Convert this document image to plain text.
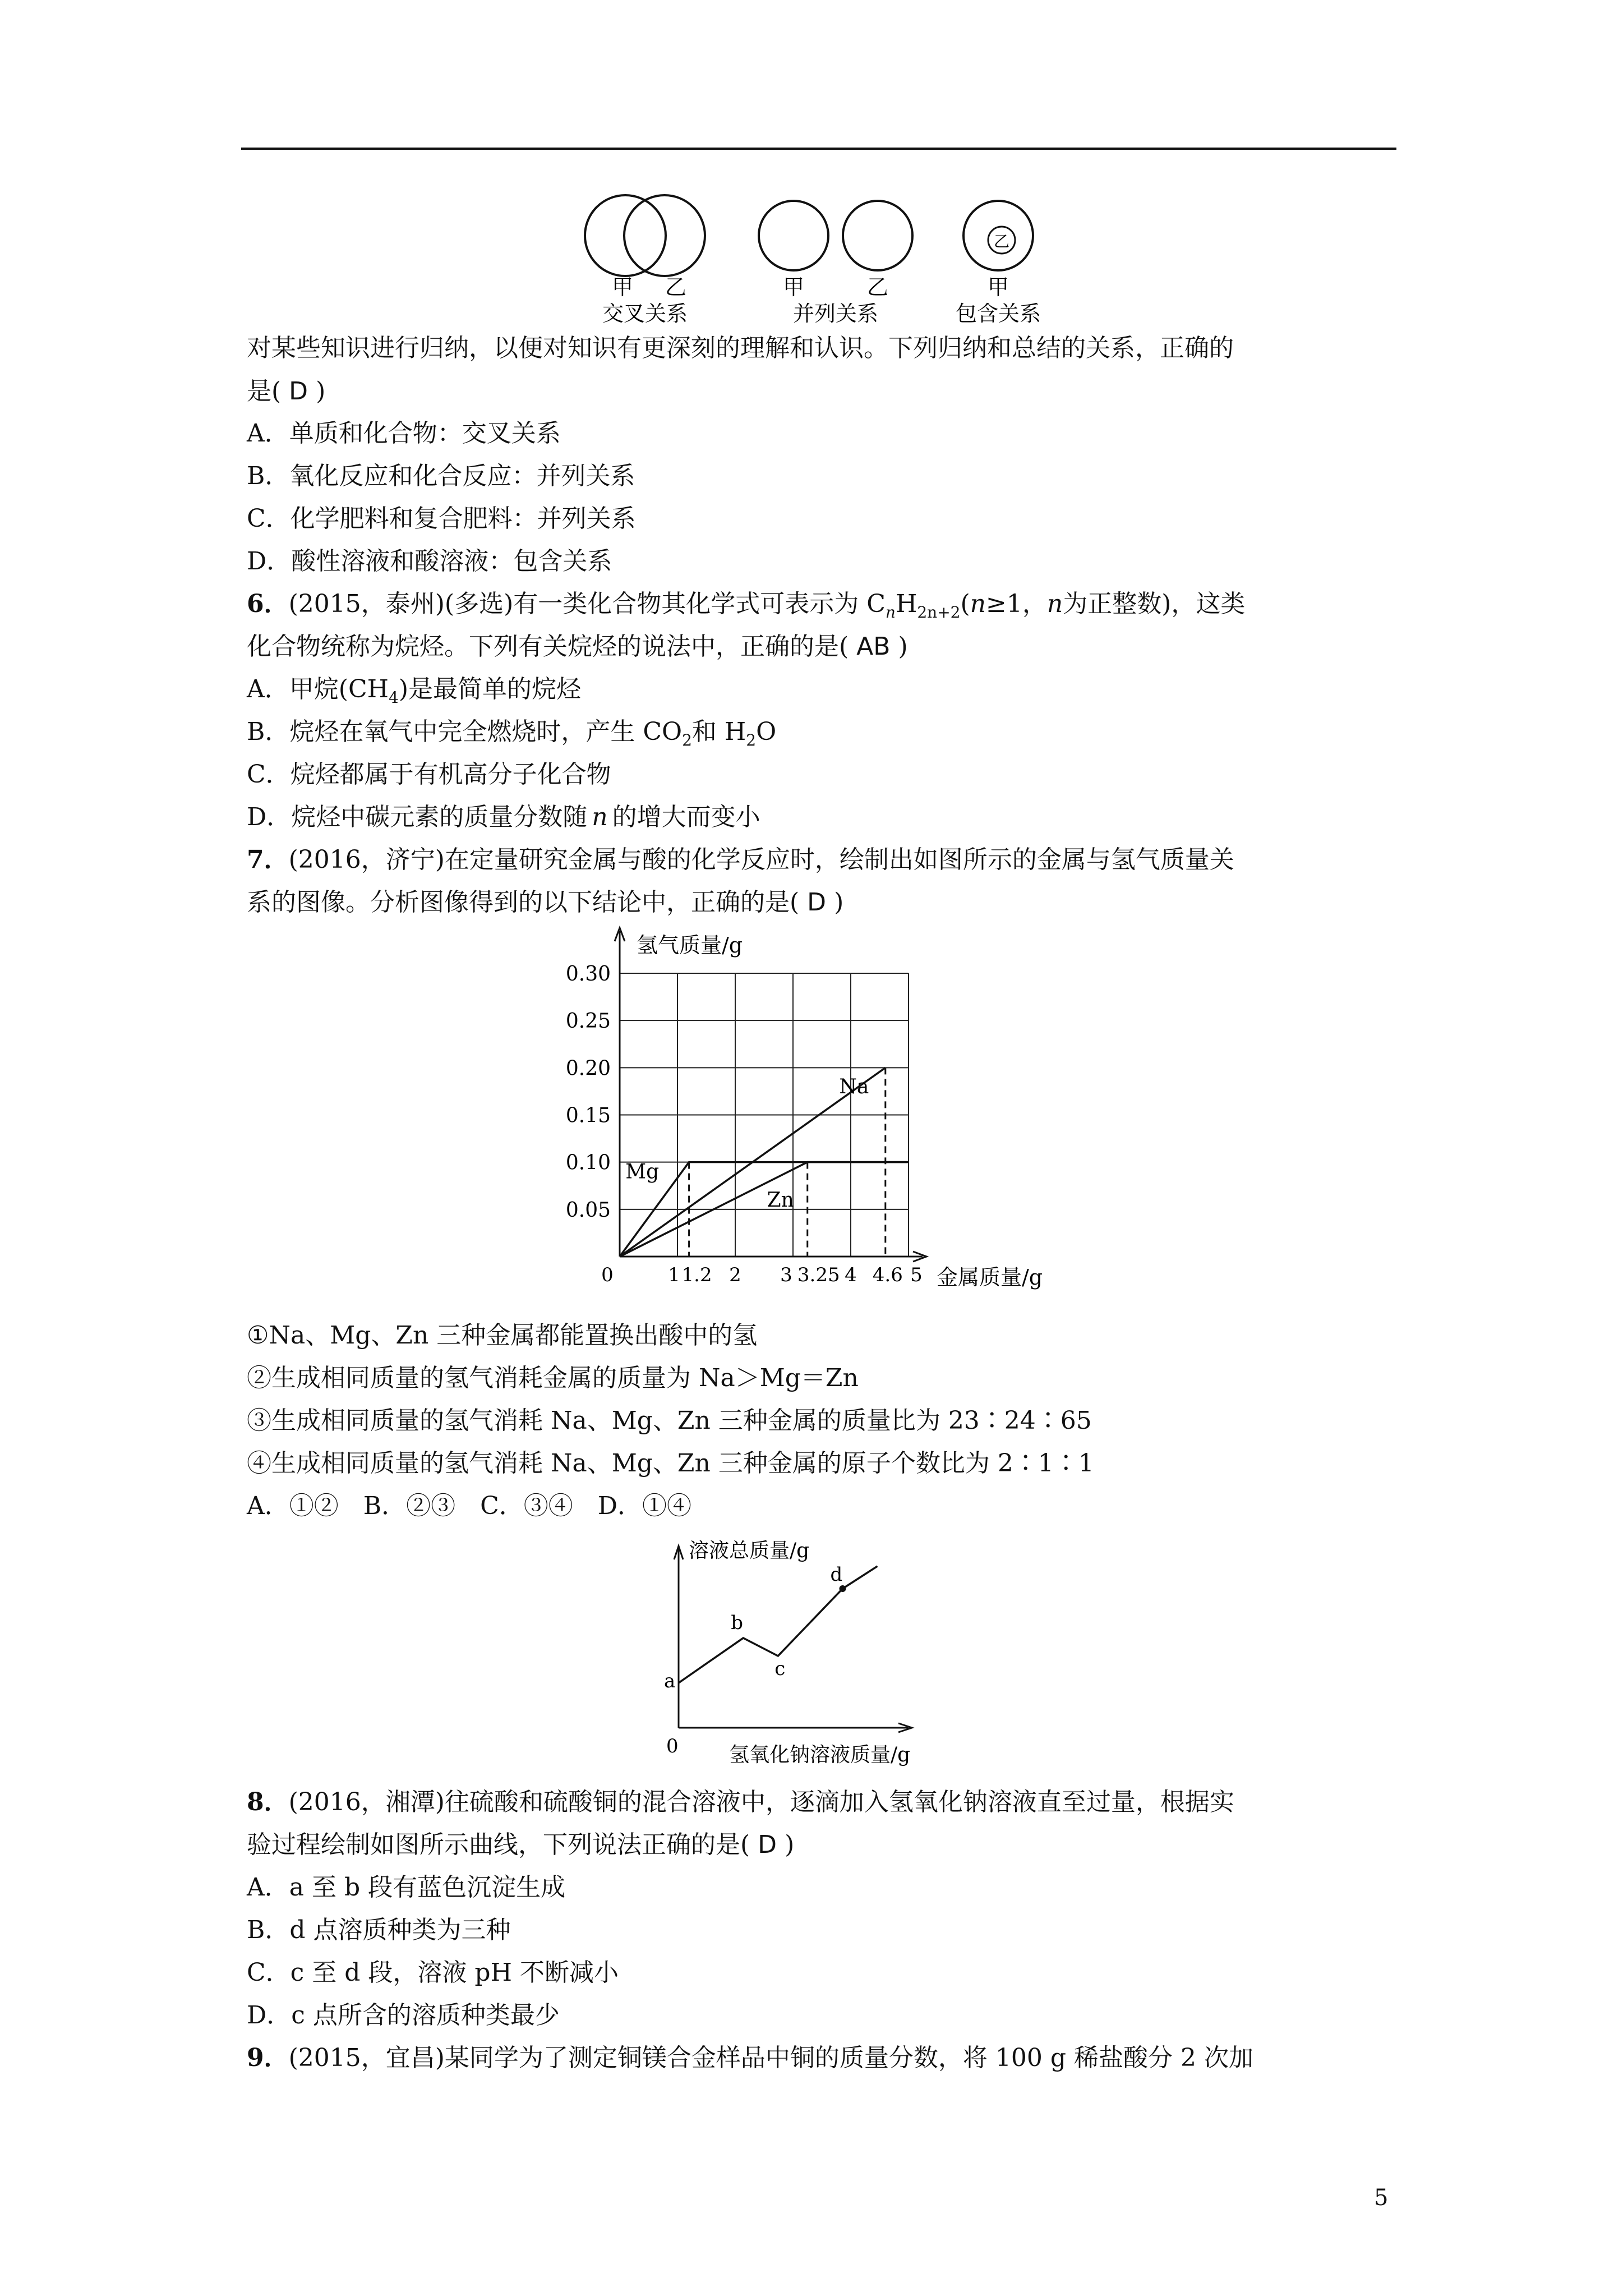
甲 乙
交叉关系
甲	乙
并列关系
乙
甲
包含关系
对某些知识进行归纳，以便对知识有更深刻的理解和认识。下列归纳和总结的关系，正确的
是( D )
A．单质和化合物：交叉关系
B．氧化反应和化合反应：并列关系
C．化学肥料和复合肥料：并列关系
D．酸性溶液和酸溶液：包含关系
6．(2015，泰州)(多选)有一类化合物其化学式可表示为 $C_nH_{2n+2}(n\ge 1$，n为正整数)，这类
化合物统称为烷烃。下列有关烷烃的说法中，正确的是( AB )
A．甲烷$(CH_4)$是最简单的烷烃
B．烷烃在氧气中完全燃烧时，产生 $CO_2$和 $H_2O$
C．烷烃都属于有机高分子化合物
D．烷烃中碳元素的质量分数随 n 的增大而变小
7．(2016，济宁)在定量研究金属与酸的化学反应时，绘制出如图所示的金属与氢气质量关
系的图像。分析图像得到的以下结论中，正确的是( D )
0.30
0.25
0.20
0.15
0.10
0.05
0	1 1.2 2 3 3.25 4 4.6 5
Mg
Zn
Na
氢气质量/g
金属质量/g
①Na、Mg、Zn 三种金属都能置换出酸中的氢
②生成相同质量的氢气消耗金属的质量为 Na＞Mg＝Zn
③生成相同质量的氢气消耗 Na、Mg、Zn 三种金属的质量比为 23∶24∶65
④生成相同质量的氢气消耗 Na、Mg、Zn 三种金属的原子个数比为 2∶1∶1
A．①②　B．②③　C．③④　D．①④
a
b
c
d
0
溶液总质量/g
氢氧化钠溶液质量/g
8．(2016，湘潭)往硫酸和硫酸铜的混合溶液中，逐滴加入氢氧化钠溶液直至过量，根据实
验过程绘制如图所示曲线，下列说法正确的是( D )
A．a 至 b 段有蓝色沉淀生成
B．d 点溶质种类为三种
C．c 至 d 段，溶液 pH 不断减小
D．c 点所含的溶质种类最少
9．(2015，宜昌)某同学为了测定铜镁合金样品中铜的质量分数，将 100 g 稀盐酸分 2 次加
5
